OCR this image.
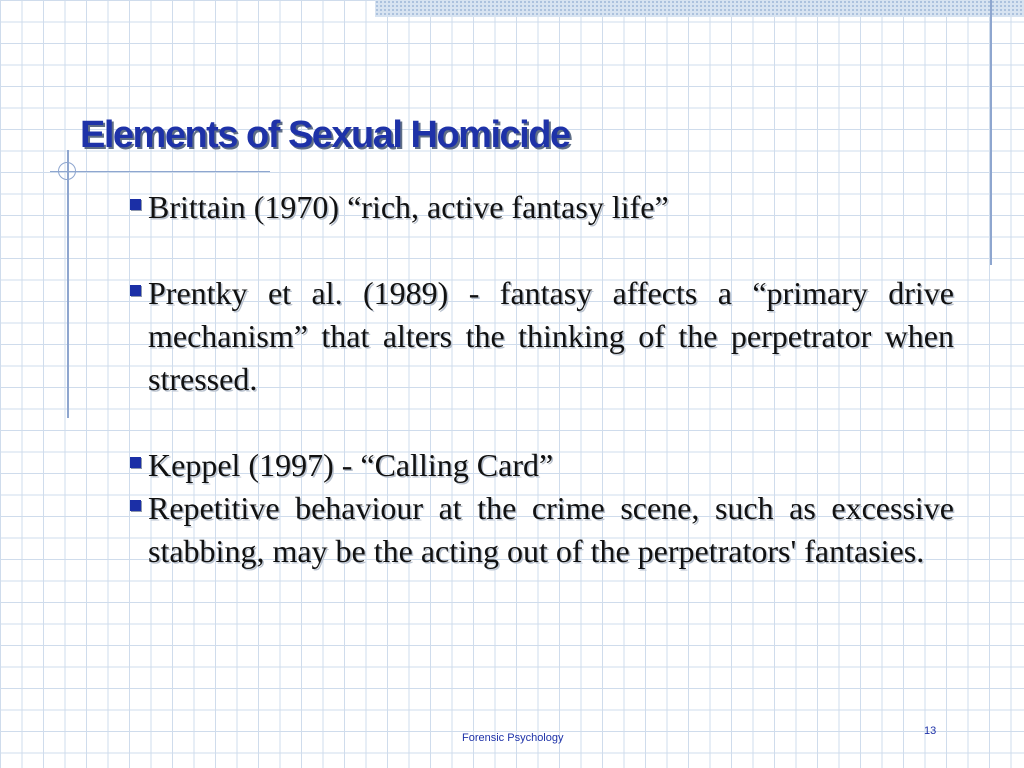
Elements of Sexual Homicide
Brittain (1970) “rich, active fantasy life”
Prentky et al. (1989) - fantasy affects a “primary drive mechanism” that alters the thinking of the perpetrator when stressed.
Keppel (1997) - “Calling Card”
Repetitive behaviour at the crime scene, such as excessive stabbing, may be the acting out of the perpetrators' fantasies.
Forensic Psychology
13
